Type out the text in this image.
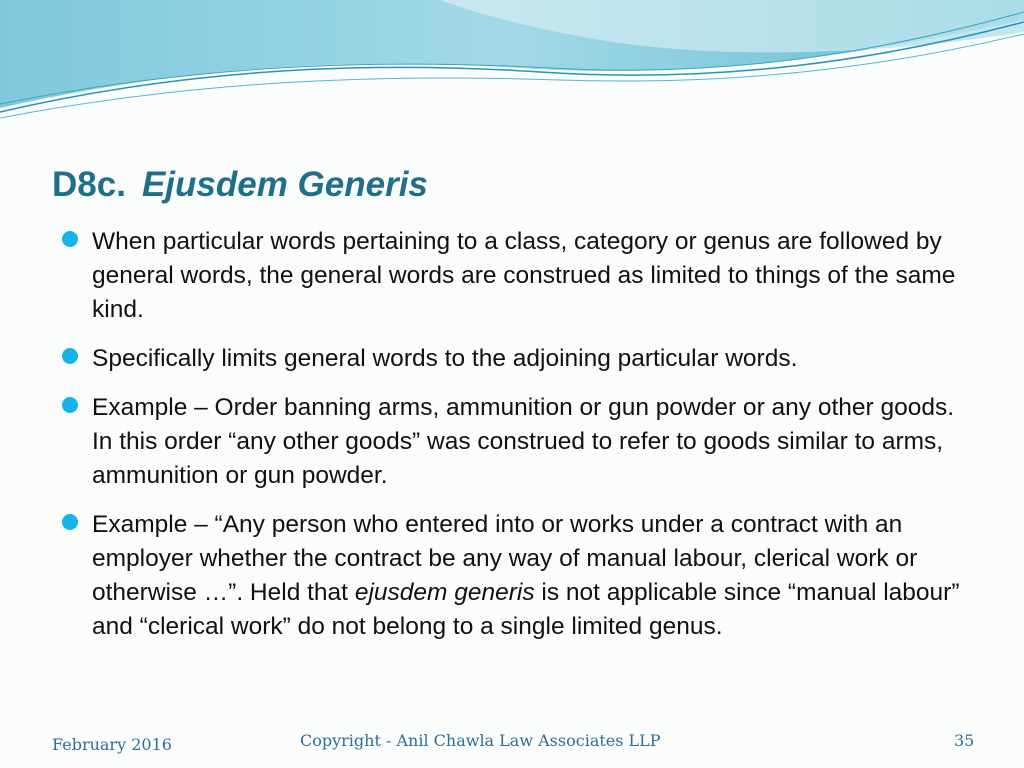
D8c. Ejusdem Generis
When particular words pertaining to a class, category or genus are followed by general words, the general words are construed as limited to things of the same kind.
Specifically limits general words to the adjoining particular words.
Example – Order banning arms, ammunition or gun powder or any other goods. In this order “any other goods” was construed to refer to goods similar to arms, ammunition or gun powder.
Example – “Any person who entered into or works under a contract with an employer whether the contract be any way of manual labour, clerical work or otherwise …”. Held that ejusdem generis is not applicable since “manual labour” and “clerical work” do not belong to a single limited genus.
February 2016	Copyright - Anil Chawla Law Associates LLP	35
